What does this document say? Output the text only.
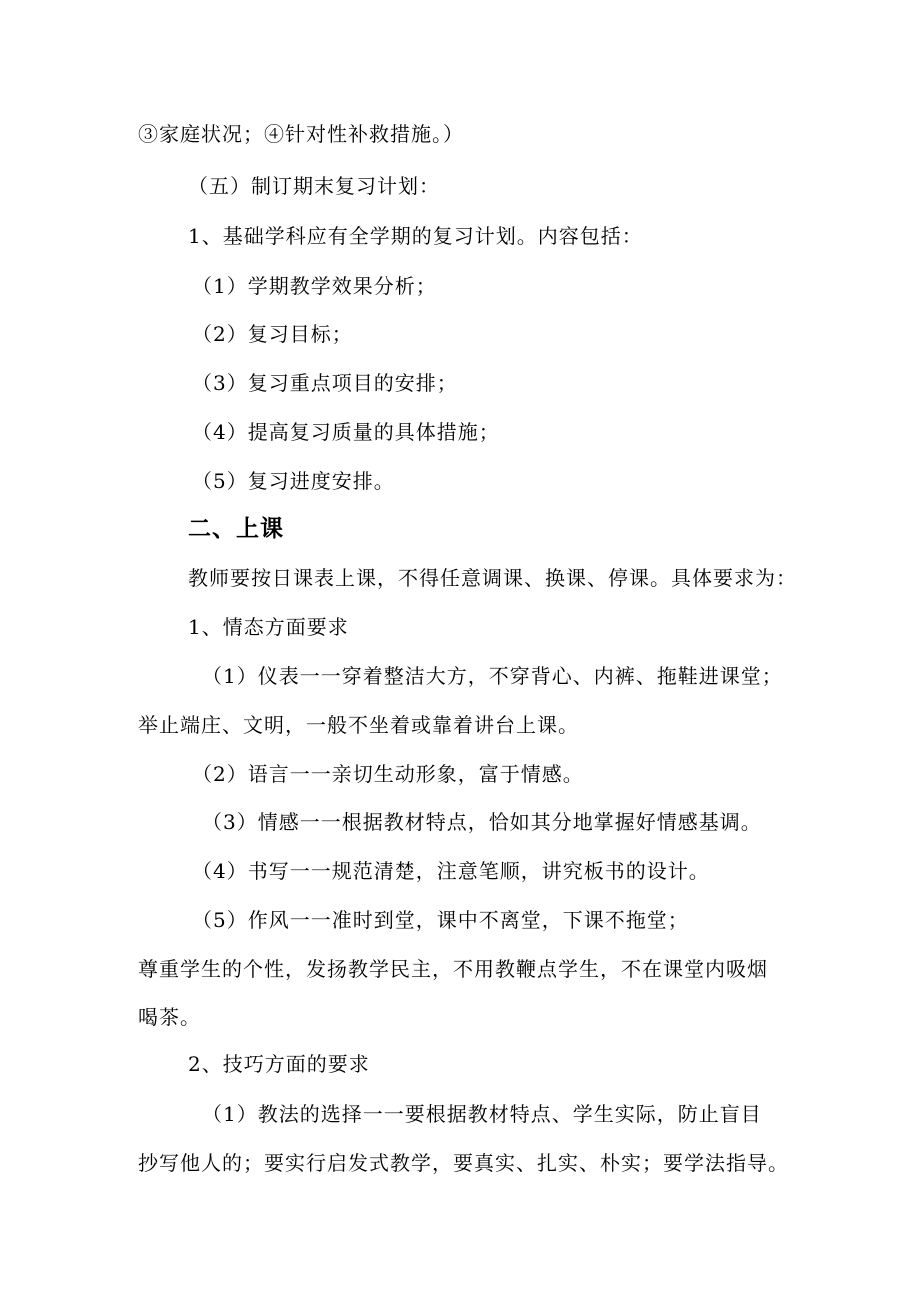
③家庭状况；④针对性补救措施。）
（五）制订期末复习计划：
1、基础学科应有全学期的复习计划。内容包括：
（1）学期教学效果分析；
（2）复习目标；
（3）复习重点项目的安排；
（4）提高复习质量的具体措施；
（5）复习进度安排。
二、上课
教师要按日课表上课，不得任意调课、换课、停课。具体要求为：
1、情态方面要求
（1）仪表一一穿着整洁大方，不穿背心、内裤、拖鞋进课堂；
举止端庄、文明，一般不坐着或靠着讲台上课。
（2）语言一一亲切生动形象，富于情感。
（3）情感一一根据教材特点，恰如其分地掌握好情感基调。
（4）书写一一规范清楚，注意笔顺，讲究板书的设计。
（5）作风一一准时到堂，课中不离堂，下课不拖堂；
尊重学生的个性，发扬教学民主，不用教鞭点学生，不在课堂内吸烟
喝茶。
2、技巧方面的要求
（1）教法的选择一一要根据教材特点、学生实际，防止盲目
抄写他人的；要实行启发式教学，要真实、扎实、朴实；要学法指导。
